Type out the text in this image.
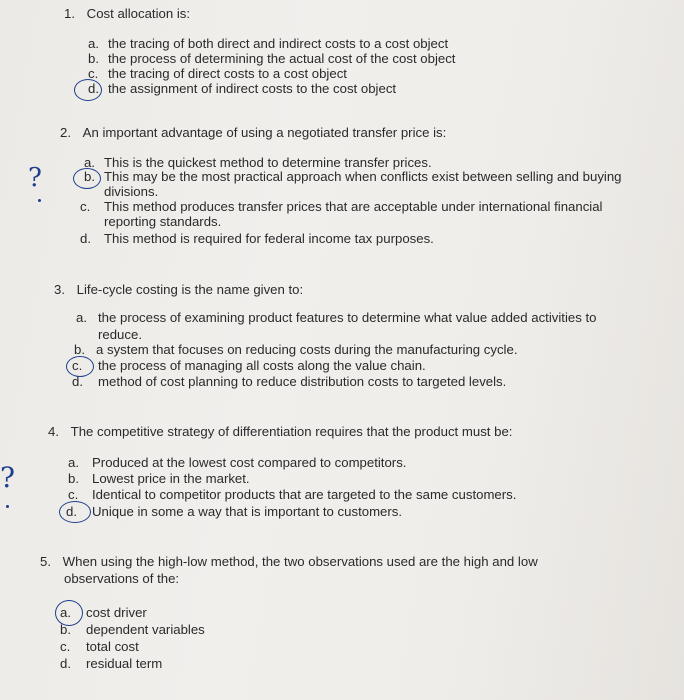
1. Cost allocation is:
a. the tracing of both direct and indirect costs to a cost object
b. the process of determining the actual cost of the cost object
c. the tracing of direct costs to a cost object
d. the assignment of indirect costs to the cost object
2. An important advantage of using a negotiated transfer price is:
a. This is the quickest method to determine transfer prices.
b. This may be the most practical approach when conflicts exist between selling and buying
divisions.
c. This method produces transfer prices that are acceptable under international financial
reporting standards.
d. This method is required for federal income tax purposes.
?
3. Life-cycle costing is the name given to:
a. the process of examining product features to determine what value added activities to
reduce.
b. a system that focuses on reducing costs during the manufacturing cycle.
c. the process of managing all costs along the value chain.
d. method of cost planning to reduce distribution costs to targeted levels.
4. The competitive strategy of differentiation requires that the product must be:
a. Produced at the lowest cost compared to competitors.
b. Lowest price in the market.
c. Identical to competitor products that are targeted to the same customers.
d. Unique in some a way that is important to customers.
?
5. When using the high-low method, the two observations used are the high and low
observations of the:
a. cost driver
b. dependent variables
c. total cost
d. residual term
